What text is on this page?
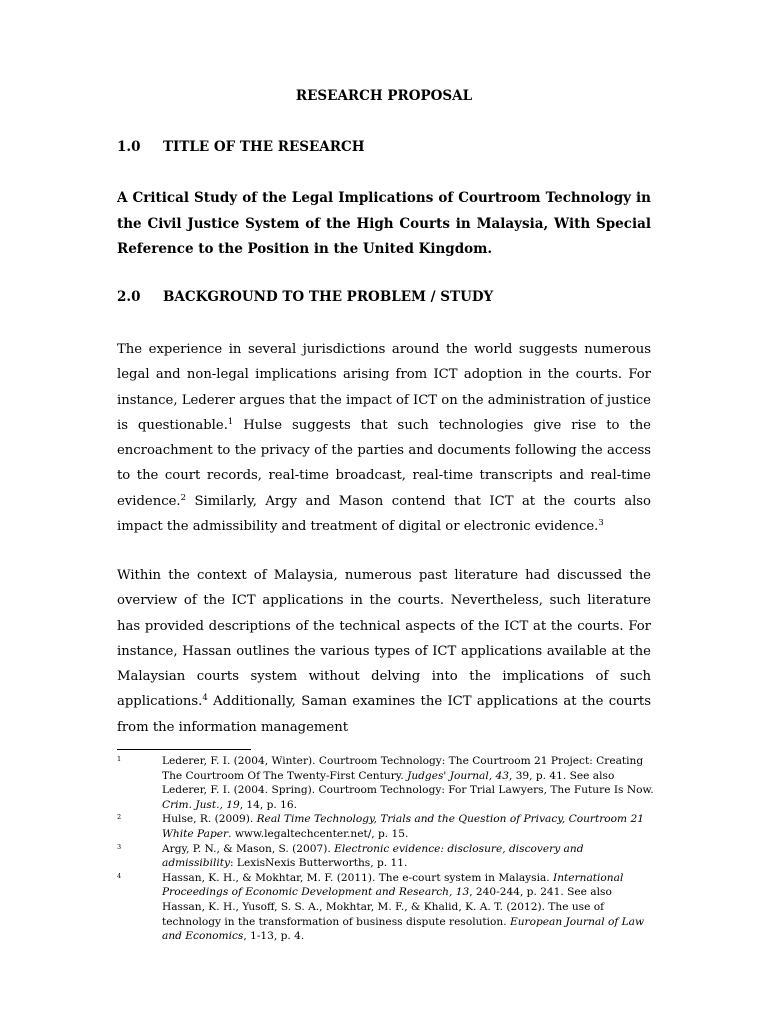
RESEARCH PROPOSAL
1.0 TITLE OF THE RESEARCH
A Critical Study of the Legal Implications of Courtroom Technology in the Civil Justice System of the High Courts in Malaysia, With Special Reference to the Position in the United Kingdom.
2.0 BACKGROUND TO THE PROBLEM / STUDY
The experience in several jurisdictions around the world suggests numerous legal and non-legal implications arising from ICT adoption in the courts. For instance, Lederer argues that the impact of ICT on the administration of justice is questionable.$^1$ Hulse suggests that such technologies give rise to the encroachment to the privacy of the parties and documents following the access to the court records, real-time broadcast, real-time transcripts and real-time evidence.$^2$ Similarly, Argy and Mason contend that ICT at the courts also impact the admissibility and treatment of digital or electronic evidence.$^3$
Within the context of Malaysia, numerous past literature had discussed the overview of the ICT applications in the courts. Nevertheless, such literature has provided descriptions of the technical aspects of the ICT at the courts. For instance, Hassan outlines the various types of ICT applications available at the Malaysian courts system without delving into the implications of such applications.$^4$ Additionally, Saman examines the ICT applications at the courts from the information management
1	Lederer, F. I. (2004, Winter). Courtroom Technology: The Courtroom 21 Project: Creating The Courtroom Of The Twenty-First Century. Judges' Journal, 43, 39, p. 41. See also Lederer, F. I. (2004. Spring). Courtroom Technology: For Trial Lawyers, The Future Is Now. Crim. Just., 19, 14, p. 16.
2	Hulse, R. (2009). Real Time Technology, Trials and the Question of Privacy, Courtroom 21 White Paper. www.legaltechcenter.net/, p. 15.
3	Argy, P. N., & Mason, S. (2007). Electronic evidence: disclosure, discovery and admissibility: LexisNexis Butterworths, p. 11.
4	Hassan, K. H., & Mokhtar, M. F. (2011). The e-court system in Malaysia. International Proceedings of Economic Development and Research, 13, 240-244, p. 241. See also Hassan, K. H., Yusoff, S. S. A., Mokhtar, M. F., & Khalid, K. A. T. (2012). The use of technology in the transformation of business dispute resolution. European Journal of Law and Economics, 1-13, p. 4.
